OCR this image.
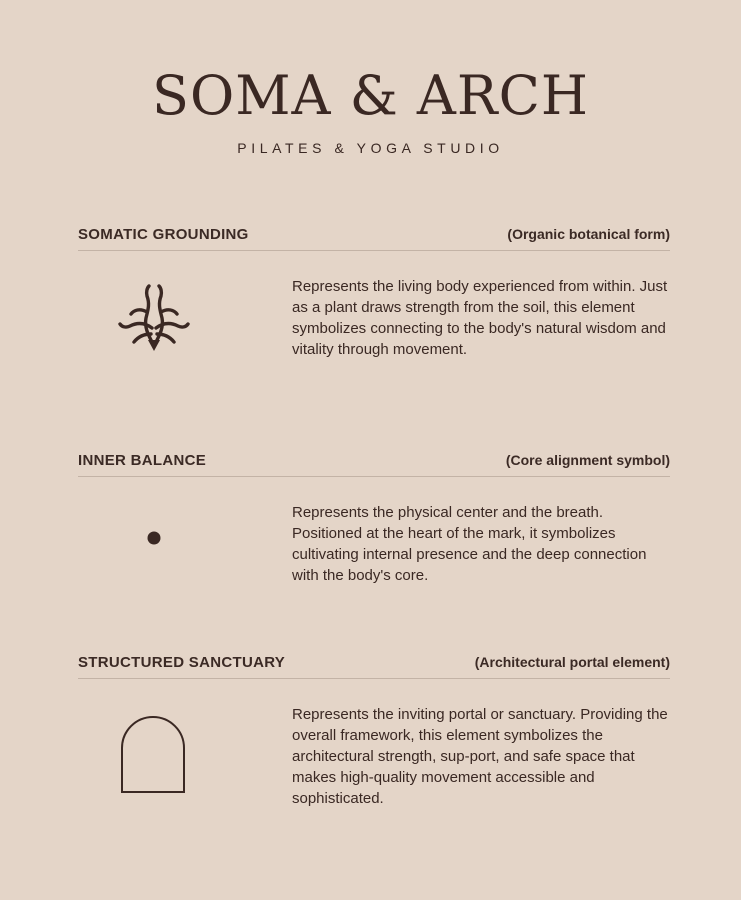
SOMA & ARCH
PILATES & YOGA STUDIO
SOMATIC GROUNDING	(Organic botanical form)
Represents the living body experienced from within. Just as a plant draws strength from the soil, this element symbolizes connecting to the body's natural wisdom and vitality through movement.
INNER BALANCE	(Core alignment symbol)
Represents the physical center and the breath. Positioned at the heart of the mark, it symbolizes cultivating internal presence and the deep connection with the body's core.
STRUCTURED SANCTUARY	(Architectural portal element)
Represents the inviting portal or sanctuary. Providing the overall framework, this element symbolizes the architectural strength, sup-port, and safe space that makes high-quality movement accessible and sophisticated.
